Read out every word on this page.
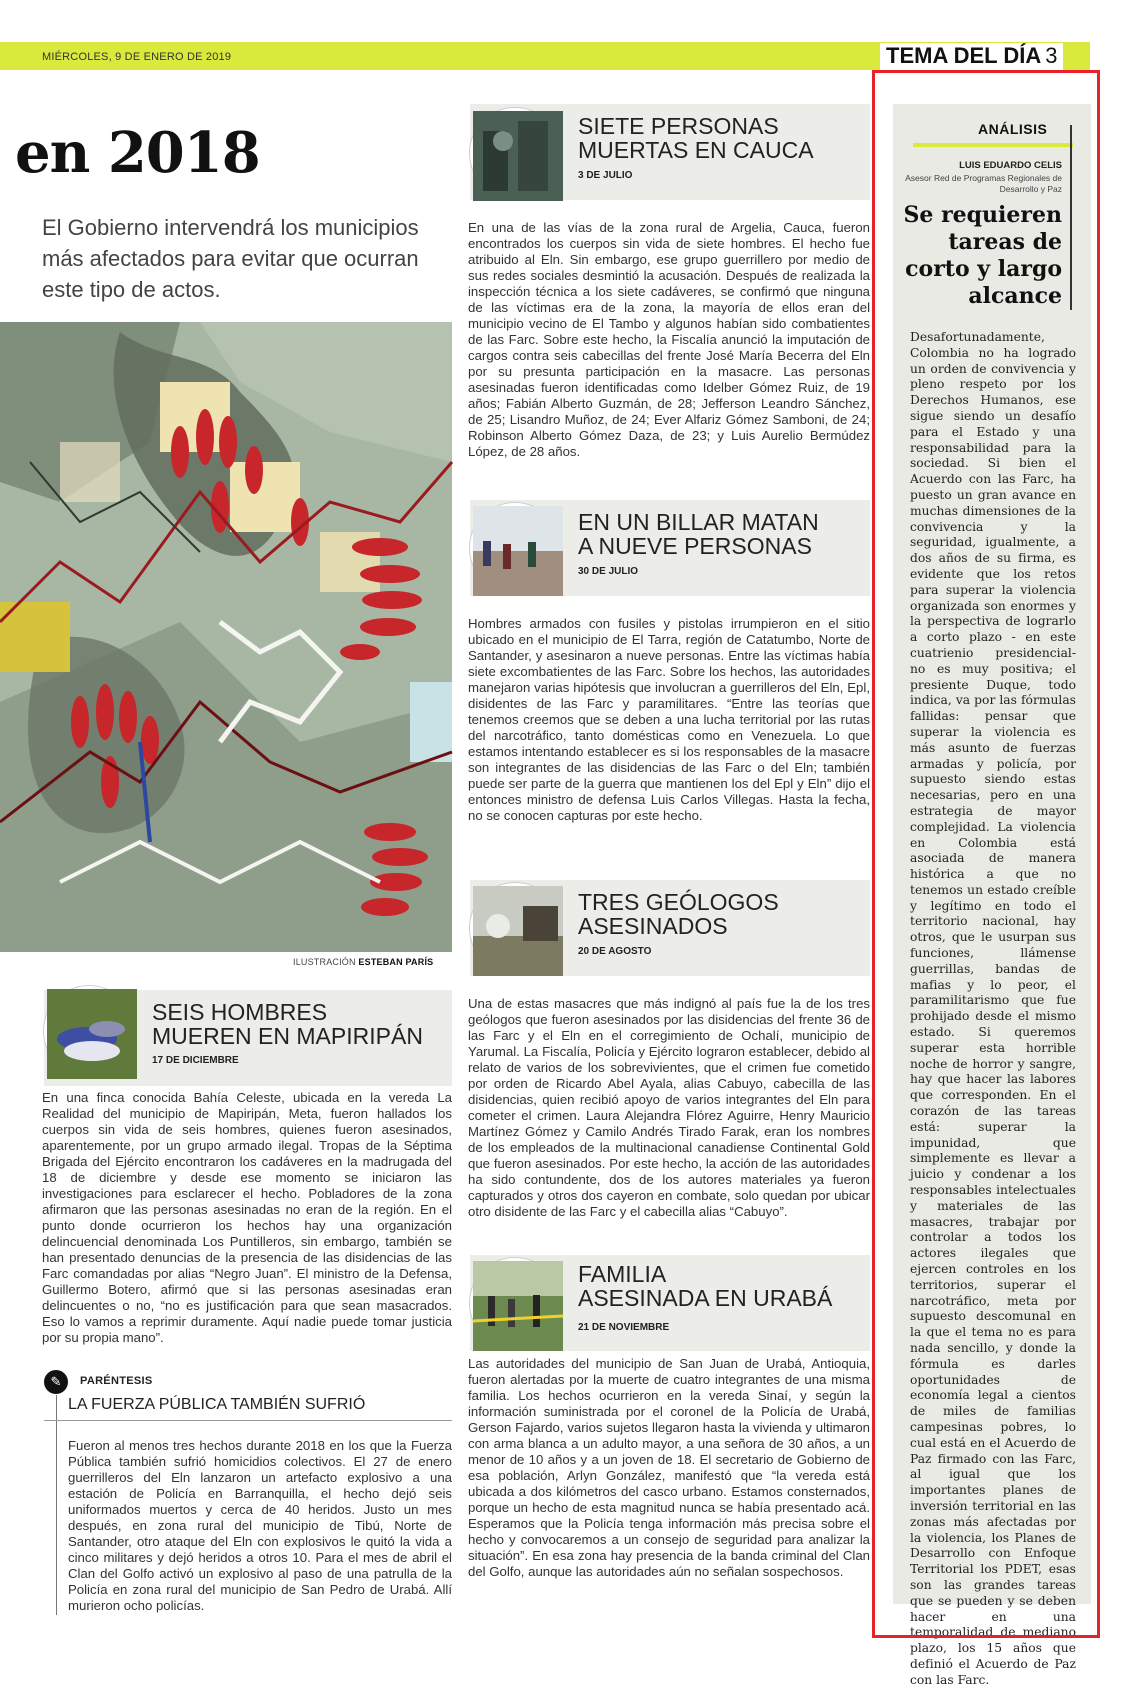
MIÉRCOLES, 9 DE ENERO DE 2019	TEMA DEL DÍA 3
en 2018
El Gobierno intervendrá los municipios más afectados para evitar que ocurran este tipo de actos.
ILUSTRACIÓN ESTEBAN PARÍS
SIETE PERSONAS
MUERTAS EN CAUCA
3 DE JULIO
En una de las vías de la zona rural de Argelia, Cauca, fueron encontrados los cuerpos sin vida de siete hombres. El hecho fue atribuido al Eln. Sin embargo, ese grupo guerrillero por medio de sus redes sociales desmintió la acusación. Después de realizada la inspección técnica a los siete cadáveres, se confirmó que ninguna de las víctimas era de la zona, la mayoría de ellos eran del municipio vecino de El Tambo y algunos habían sido combatientes de las Farc. Sobre este hecho, la Fiscalía anunció la imputación de cargos contra seis cabecillas del frente José María Becerra del Eln por su presunta participación en la masacre. Las personas asesinadas fueron identificadas como Idelber Gómez Ruiz, de 19 años; Fabián Alberto Guzmán, de 28; Jefferson Leandro Sánchez, de 25; Lisandro Muñoz, de 24; Ever Alfariz Gómez Samboni, de 24; Robinson Alberto Gómez Daza, de 23; y Luis Aurelio Bermúdez López, de 28 años.
EN UN BILLAR MATAN
A NUEVE PERSONAS
30 DE JULIO
Hombres armados con fusiles y pistolas irrumpieron en el sitio ubicado en el municipio de El Tarra, región de Catatumbo, Norte de Santander, y asesinaron a nueve personas. Entre las víctimas había siete excombatientes de las Farc. Sobre los hechos, las autoridades manejaron varias hipótesis que involucran a guerrilleros del Eln, Epl, disidentes de las Farc y paramilitares. “Entre las teorías que tenemos creemos que se deben a una lucha territorial por las rutas del narcotráfico, tanto domésticas como en Venezuela. Lo que estamos intentando establecer es si los responsables de la masacre son integrantes de las disidencias de las Farc o del Eln; también puede ser parte de la guerra que mantienen los del Epl y Eln” dijo el entonces ministro de defensa Luis Carlos Villegas. Hasta la fecha, no se conocen capturas por este hecho.
TRES GEÓLOGOS
ASESINADOS
20 DE AGOSTO
Una de estas masacres que más indignó al país fue la de los tres geólogos que fueron asesinados por las disidencias del frente 36 de las Farc y el Eln en el corregimiento de Ochalí, municipio de Yarumal. La Fiscalía, Policía y Ejército lograron establecer, debido al relato de varios de los sobrevivientes, que el crimen fue cometido por orden de Ricardo Abel Ayala, alias Cabuyo, cabecilla de las disidencias, quien recibió apoyo de varios integrantes del Eln para cometer el crimen. Laura Alejandra Flórez Aguirre, Henry Mauricio Martínez Gómez y Camilo Andrés Tirado Farak, eran los nombres de los empleados de la multinacional canadiense Continental Gold que fueron asesinados. Por este hecho, la acción de las autoridades ha sido contundente, dos de los autores materiales ya fueron capturados y otros dos cayeron en combate, solo quedan por ubicar otro disidente de las Farc y el cabecilla alias “Cabuyo”.
FAMILIA
ASESINADA EN URABÁ
21 DE NOVIEMBRE
Las autoridades del municipio de San Juan de Urabá, Antioquia, fueron alertadas por la muerte de cuatro integrantes de una misma familia. Los hechos ocurrieron en la vereda Sinaí, y según la información suministrada por el coronel de la Policía de Urabá, Gerson Fajardo, varios sujetos llegaron hasta la vivienda y ultimaron con arma blanca a un adulto mayor, a una señora de 30 años, a un menor de 10 años y a un joven de 18. El secretario de Gobierno de esa población, Arlyn González, manifestó que “la vereda está ubicada a dos kilómetros del casco urbano. Estamos consternados, porque un hecho de esta magnitud nunca se había presentado acá. Esperamos que la Policía tenga información más precisa sobre el hecho y convocaremos a un consejo de seguridad para analizar la situación”. En esa zona hay presencia de la banda criminal del Clan del Golfo, aunque las autoridades aún no señalan sospechosos.
SEIS HOMBRES
MUEREN EN MAPIRIPÁN
17 DE DICIEMBRE
En una finca conocida Bahía Celeste, ubicada en la vereda La Realidad del municipio de Mapiripán, Meta, fueron hallados los cuerpos sin vida de seis hombres, quienes fueron asesinados, aparentemente, por un grupo armado ilegal. Tropas de la Séptima Brigada del Ejército encontraron los cadáveres en la madrugada del 18 de diciembre y desde ese momento se iniciaron las investigaciones para esclarecer el hecho. Pobladores de la zona afirmaron que las personas asesinadas no eran de la región. En el punto donde ocurrieron los hechos hay una organización delincuencial denominada Los Puntilleros, sin embargo, también se han presentado denuncias de la presencia de las disidencias de las Farc comandadas por alias “Negro Juan”. El ministro de la Defensa, Guillermo Botero, afirmó que si las personas asesinadas eran delincuentes o no, “no es justificación para que sean masacrados. Eso lo vamos a reprimir duramente. Aquí nadie puede tomar justicia por su propia mano”.
✎	PARÉNTESIS
LA FUERZA PÚBLICA TAMBIÉN SUFRIÓ
Fueron al menos tres hechos durante 2018 en los que la Fuerza Pública también sufrió homicidios colectivos. El 27 de enero guerrilleros del Eln lanzaron un artefacto explosivo a una estación de Policía en Barranquilla, el hecho dejó seis uniformados muertos y cerca de 40 heridos. Justo un mes después, en zona rural del municipio de Tibú, Norte de Santander, otro ataque del Eln con explosivos le quitó la vida a cinco militares y dejó heridos a otros 10. Para el mes de abril el Clan del Golfo activó un explosivo al paso de una patrulla de la Policía en zona rural del municipio de San Pedro de Urabá. Allí murieron ocho policías.
ANÁLISIS
LUIS EDUARDO CELIS
Asesor Red de Programas Regionales de Desarrollo y Paz
Se requieren tareas de corto y largo alcance
Desafortunadamente, Colombia no ha logrado un orden de convivencia y pleno respeto por los Derechos Humanos, ese sigue siendo un desafío para el Estado y una responsabilidad para la sociedad. Si bien el Acuerdo con las Farc, ha puesto un gran avance en muchas dimensiones de la convivencia y la seguridad, igualmente, a dos años de su firma, es evidente que los retos para superar la violencia organizada son enormes y la perspectiva de lograrlo a corto plazo - en este cuatrienio presidencial- no es muy positiva; el presiente Duque, todo indica, va por las fórmulas fallidas: pensar que superar la violencia es más asunto de fuerzas armadas y policía, por supuesto siendo estas necesarias, pero en una estrategia de mayor complejidad. La violencia en Colombia está asociada de manera histórica a que no tenemos un estado creíble y legítimo en todo el territorio nacional, hay otros, que le usurpan sus funciones, llámense guerrillas, bandas de mafias y lo peor, el paramilitarismo que fue prohijado desde el mismo estado. Si queremos superar esta horrible noche de horror y sangre, hay que hacer las labores que corresponden. En el corazón de las tareas está: superar la impunidad, que simplemente es llevar a juicio y condenar a los responsables intelectuales y materiales de las masacres, trabajar por controlar a todos los actores ilegales que ejercen controles en los territorios, superar el narcotráfico, meta por supuesto descomunal en la que el tema no es para nada sencillo, y donde la fórmula es darles oportunidades de economía legal a cientos de miles de familias campesinas pobres, lo cual está en el Acuerdo de Paz firmado con las Farc, al igual que los importantes planes de inversión territorial en las zonas más afectadas por la violencia, los Planes de Desarrollo con Enfoque Territorial los PDET, esas son las grandes tareas que se pueden y se deben hacer en una temporalidad de mediano plazo, los 15 años que definió el Acuerdo de Paz con las Farc.
